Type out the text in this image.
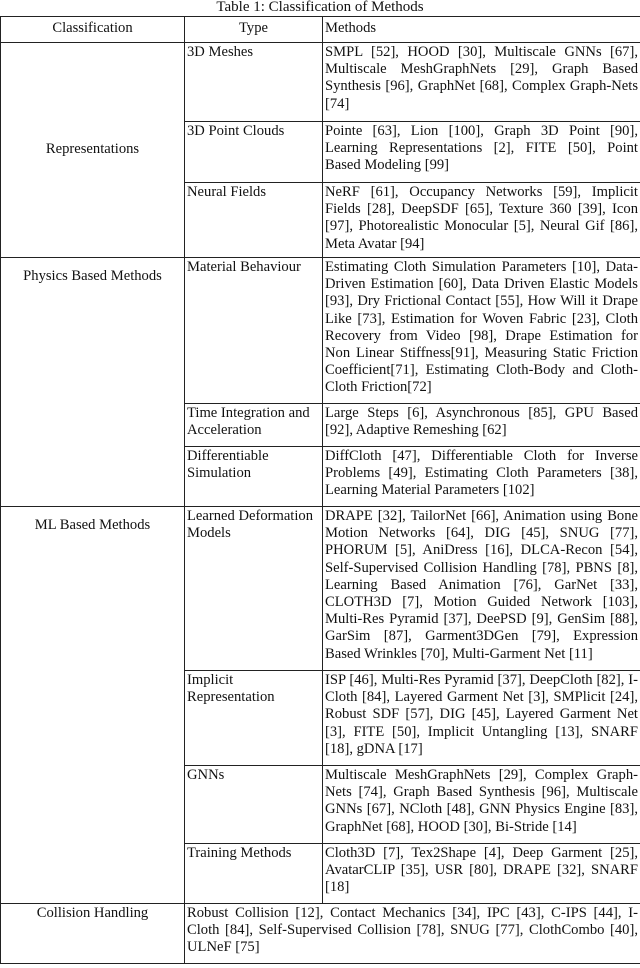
Table 1: Classification of Methods
Classification	Type	Methods
Representations	3D Meshes	SMPL [52], HOOD [30], Multiscale GNNs [67], Multiscale MeshGraphNets [29], Graph Based Synthesis [96], GraphNet [68], Complex Graph-Nets [74]
	3D Point Clouds	Pointe [63], Lion [100], Graph 3D Point [90], Learning Representations [2], FITE [50], Point Based Modeling [99]
	Neural Fields	NeRF [61], Occupancy Networks [59], Implicit Fields [28], DeepSDF [65], Texture 360 [39], Icon [97], Photorealistic Monocular [5], Neural Gif [86], Meta Avatar [94]
Physics Based Methods	Material Behaviour	Estimating Cloth Simulation Parameters [10], Data-Driven Estimation [60], Data Driven Elastic Models [93], Dry Frictional Contact [55], How Will it Drape Like [73], Estimation for Woven Fabric [23], Cloth Recovery from Video [98], Drape Estimation for Non Linear Stiffness[91], Measuring Static Friction Coefficient[71], Estimating Cloth-Body and Cloth-Cloth Friction[72]
	Time Integration and Acceleration	Large Steps [6], Asynchronous [85], GPU Based [92], Adaptive Remeshing [62]
	Differentiable Simulation	DiffCloth [47], Differentiable Cloth for Inverse Problems [49], Estimating Cloth Parameters [38], Learning Material Parameters [102]
ML Based Methods	Learned Deformation Models	DRAPE [32], TailorNet [66], Animation using Bone Motion Networks [64], DIG [45], SNUG [77], PHORUM [5], AniDress [16], DLCA-Recon [54], Self-Supervised Collision Handling [78], PBNS [8], Learning Based Animation [76], GarNet [33], CLOTH3D [7], Motion Guided Network [103], Multi-Res Pyramid [37], DeePSD [9], GenSim [88], GarSim [87], Garment3DGen [79], Expression Based Wrinkles [70], Multi-Garment Net [11]
	Implicit Representation	ISP [46], Multi-Res Pyramid [37], DeepCloth [82], I-Cloth [84], Layered Garment Net [3], SMPlicit [24], Robust SDF [57], DIG [45], Layered Garment Net [3], FITE [50], Implicit Untangling [13], SNARF [18], gDNA [17]
	GNNs	Multiscale MeshGraphNets [29], Complex Graph-Nets [74], Graph Based Synthesis [96], Multiscale GNNs [67], NCloth [48], GNN Physics Engine [83], GraphNet [68], HOOD [30], Bi-Stride [14]
	Training Methods	Cloth3D [7], Tex2Shape [4], Deep Garment [25], AvatarCLIP [35], USR [80], DRAPE [32], SNARF [18]
Collision Handling	Robust Collision [12], Contact Mechanics [34], IPC [43], C-IPS [44], I-Cloth [84], Self-Supervised Collision [78], SNUG [77], ClothCombo [40], ULNeF [75]	
